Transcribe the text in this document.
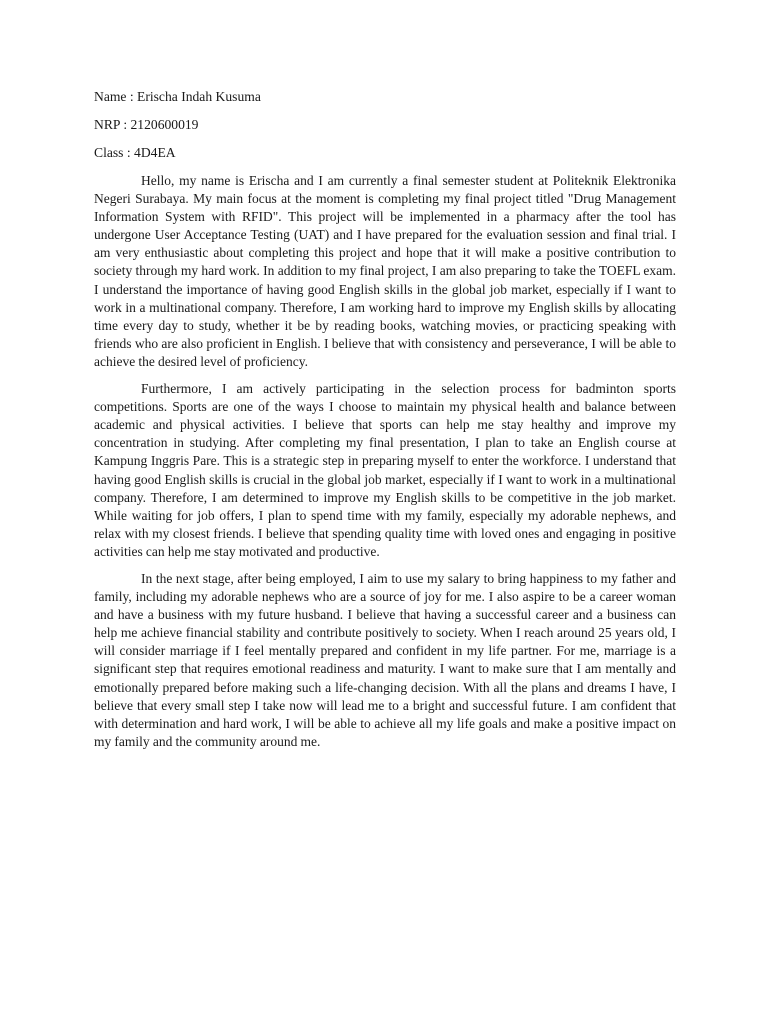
Name : Erischa Indah Kusuma

NRP : 2120600019

Class : 4D4EA

Hello, my name is Erischa and I am currently a final semester student at Politeknik Elektronika Negeri Surabaya. My main focus at the moment is completing my final project titled "Drug Management Information System with RFID". This project will be implemented in a pharmacy after the tool has undergone User Acceptance Testing (UAT) and I have prepared for the evaluation session and final trial. I am very enthusiastic about completing this project and hope that it will make a positive contribution to society through my hard work. In addition to my final project, I am also preparing to take the TOEFL exam. I understand the importance of having good English skills in the global job market, especially if I want to work in a multinational company. Therefore, I am working hard to improve my English skills by allocating time every day to study, whether it be by reading books, watching movies, or practicing speaking with friends who are also proficient in English. I believe that with consistency and perseverance, I will be able to achieve the desired level of proficiency.

Furthermore, I am actively participating in the selection process for badminton sports competitions. Sports are one of the ways I choose to maintain my physical health and balance between academic and physical activities. I believe that sports can help me stay healthy and improve my concentration in studying. After completing my final presentation, I plan to take an English course at Kampung Inggris Pare. This is a strategic step in preparing myself to enter the workforce. I understand that having good English skills is crucial in the global job market, especially if I want to work in a multinational company. Therefore, I am determined to improve my English skills to be competitive in the job market. While waiting for job offers, I plan to spend time with my family, especially my adorable nephews, and relax with my closest friends. I believe that spending quality time with loved ones and engaging in positive activities can help me stay motivated and productive.

In the next stage, after being employed, I aim to use my salary to bring happiness to my father and family, including my adorable nephews who are a source of joy for me. I also aspire to be a career woman and have a business with my future husband. I believe that having a successful career and a business can help me achieve financial stability and contribute positively to society. When I reach around 25 years old, I will consider marriage if I feel mentally prepared and confident in my life partner. For me, marriage is a significant step that requires emotional readiness and maturity. I want to make sure that I am mentally and emotionally prepared before making such a life-changing decision. With all the plans and dreams I have, I believe that every small step I take now will lead me to a bright and successful future. I am confident that with determination and hard work, I will be able to achieve all my life goals and make a positive impact on my family and the community around me.
